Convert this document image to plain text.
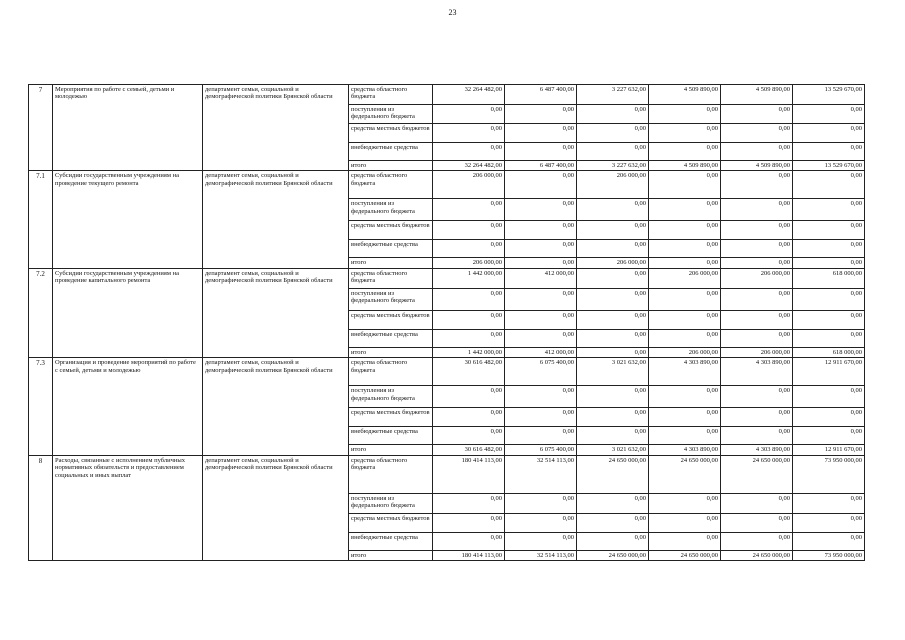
23
7	Мероприятия по работе с семьей, детьми и молодежью	департамент семьи, социальной и демографической политики Брянской области	средства областного бюджета	32 264 482,00	6 487 400,00	3 227 632,00	4 509 890,00	4 509 890,00	13 529 670,00
			поступления из федерального бюджета	0,00	0,00	0,00	0,00	0,00	0,00
			средства местных бюджетов	0,00	0,00	0,00	0,00	0,00	0,00
			внебюджетные средства	0,00	0,00	0,00	0,00	0,00	0,00
			итого	32 264 482,00	6 487 400,00	3 227 632,00	4 509 890,00	4 509 890,00	13 529 670,00
7.1	Субсидии государственным учреждениям на проведение текущего ремонта	департамент семьи, социальной и демографической политики Брянской области	средства областного бюджета	206 000,00	0,00	206 000,00	0,00	0,00	0,00
			поступления из федерального бюджета	0,00	0,00	0,00	0,00	0,00	0,00
			средства местных бюджетов	0,00	0,00	0,00	0,00	0,00	0,00
			внебюджетные средства	0,00	0,00	0,00	0,00	0,00	0,00
			итого	206 000,00	0,00	206 000,00	0,00	0,00	0,00
7.2	Субсидии государственным учреждениям на проведение капитального ремонта	департамент семьи, социальной и демографической политики Брянской области	средства областного бюджета	1 442 000,00	412 000,00	0,00	206 000,00	206 000,00	618 000,00
			поступления из федерального бюджета	0,00	0,00	0,00	0,00	0,00	0,00
			средства местных бюджетов	0,00	0,00	0,00	0,00	0,00	0,00
			внебюджетные средства	0,00	0,00	0,00	0,00	0,00	0,00
			итого	1 442 000,00	412 000,00	0,00	206 000,00	206 000,00	618 000,00
7.3	Организация и проведение мероприятий по работе с семьей, детьми и молодежью	департамент семьи, социальной и демографической политики Брянской области	средства областного бюджета	30 616 482,00	6 075 400,00	3 021 632,00	4 303 890,00	4 303 890,00	12 911 670,00
			поступления из федерального бюджета	0,00	0,00	0,00	0,00	0,00	0,00
			средства местных бюджетов	0,00	0,00	0,00	0,00	0,00	0,00
			внебюджетные средства	0,00	0,00	0,00	0,00	0,00	0,00
			итого	30 616 482,00	6 075 400,00	3 021 632,00	4 303 890,00	4 303 890,00	12 911 670,00
8	Расходы, связанные с исполнением публичных нормативных обязательств и предоставлением социальных и иных выплат	департамент семьи, социальной и демографической политики Брянской области	средства областного бюджета	180 414 113,00	32 514 113,00	24 650 000,00	24 650 000,00	24 650 000,00	73 950 000,00
			поступления из федерального бюджета	0,00	0,00	0,00	0,00	0,00	0,00
			средства местных бюджетов	0,00	0,00	0,00	0,00	0,00	0,00
			внебюджетные средства	0,00	0,00	0,00	0,00	0,00	0,00
			итого	180 414 113,00	32 514 113,00	24 650 000,00	24 650 000,00	24 650 000,00	73 950 000,00
